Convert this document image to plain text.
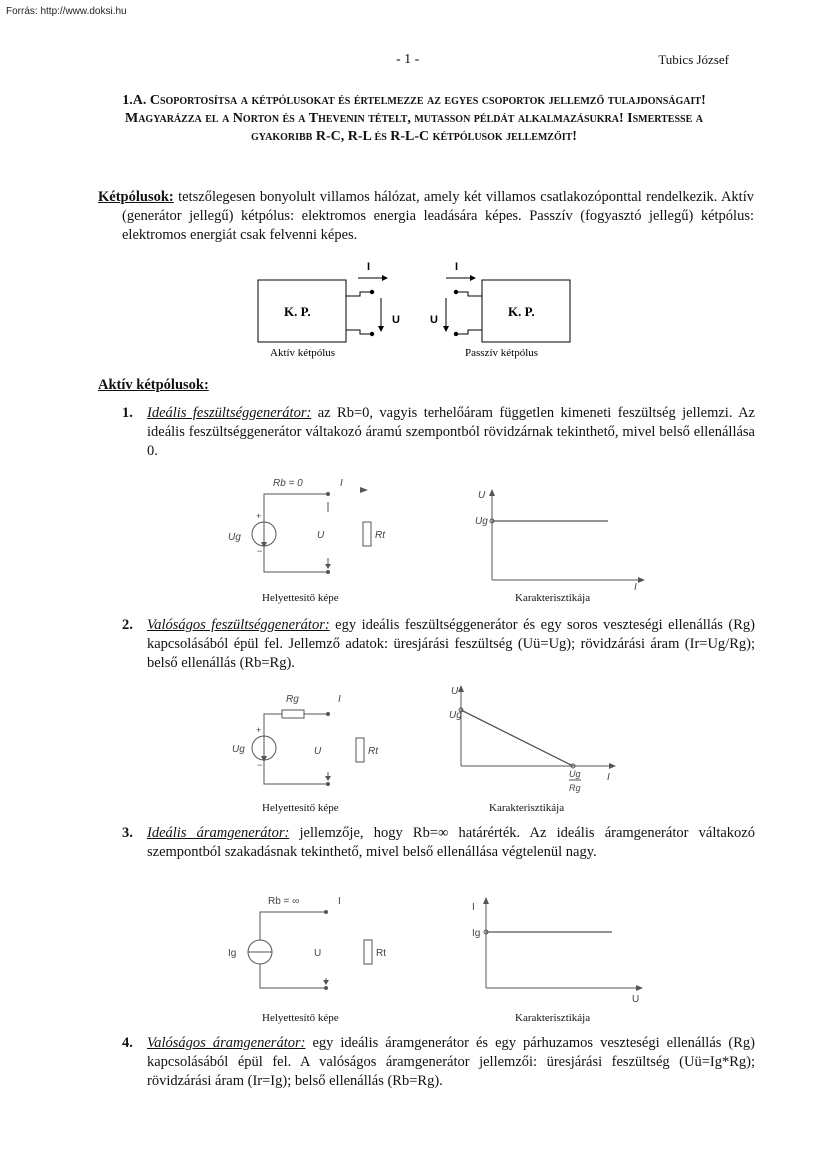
Forrás: http://www.doksi.hu
- 1 -	Tubics József
1.A. Csoportosítsa a kétpólusokat és értelmezze az egyes csoportok jellemző tulajdonságait! Magyarázza el a Norton és a Thevenin tételt, mutasson példát alkalmazásukra! Ismertesse a gyakoribb R-C, R-L és R-L-C kétpólusok jellemzőit!
Kétpólusok: tetszőlegesen bonyolult villamos hálózat, amely két villamos csatlakozóponttal rendelkezik. Aktív (generátor jellegű) kétpólus: elektromos energia leadására képes. Passzív (fogyasztó jellegű) kétpólus: elektromos energiát csak felvenni képes.
I	I
U	U
K. P.	K. P.
Aktív kétpólus	Passzív kétpólus
Aktív kétpólusok:
1. Ideális feszültséggenerátor: az Rb=0, vagyis terhelőáram független kimeneti feszültség jellemzi. Az ideális feszültséggenerátor váltakozó áramú szempontból rövidzárnak tekinthető, mivel belső ellenállása 0.
Rb = 0	I
+
−
Ug	U	Rt
U
Ug
I
Helyettesítő képe	Karakterisztikája
2. Valóságos feszültséggenerátor: egy ideális feszültséggenerátor és egy soros veszteségi ellenállás (Rg) kapcsolásából épül fel. Jellemző adatok: üresjárási feszültség (Uü=Ug); rövidzárási áram (Ir=Ug/Rg); belső ellenállás (Rb=Rg).
Rg	I
+
−
Ug	U	Rt
U
Ug
I
Ug
Rg
Helyettesítő képe	Karakterisztikája
3. Ideális áramgenerátor: jellemzője, hogy Rb=∞ határérték. Az ideális áramgenerátor váltakozó szempontból szakadásnak tekinthető, mivel belső ellenállása végtelenül nagy.
Rb = ∞	I
Ig	U	Rt
I
Ig
U
Helyettesítő képe	Karakterisztikája
4. Valóságos áramgenerátor: egy ideális áramgenerátor és egy párhuzamos veszteségi ellenállás (Rg) kapcsolásából épül fel. A valóságos áramgenerátor jellemzői: üresjárási feszültség (Uü=Ig*Rg); rövidzárási áram (Ir=Ig); belső ellenállás (Rb=Rg).
